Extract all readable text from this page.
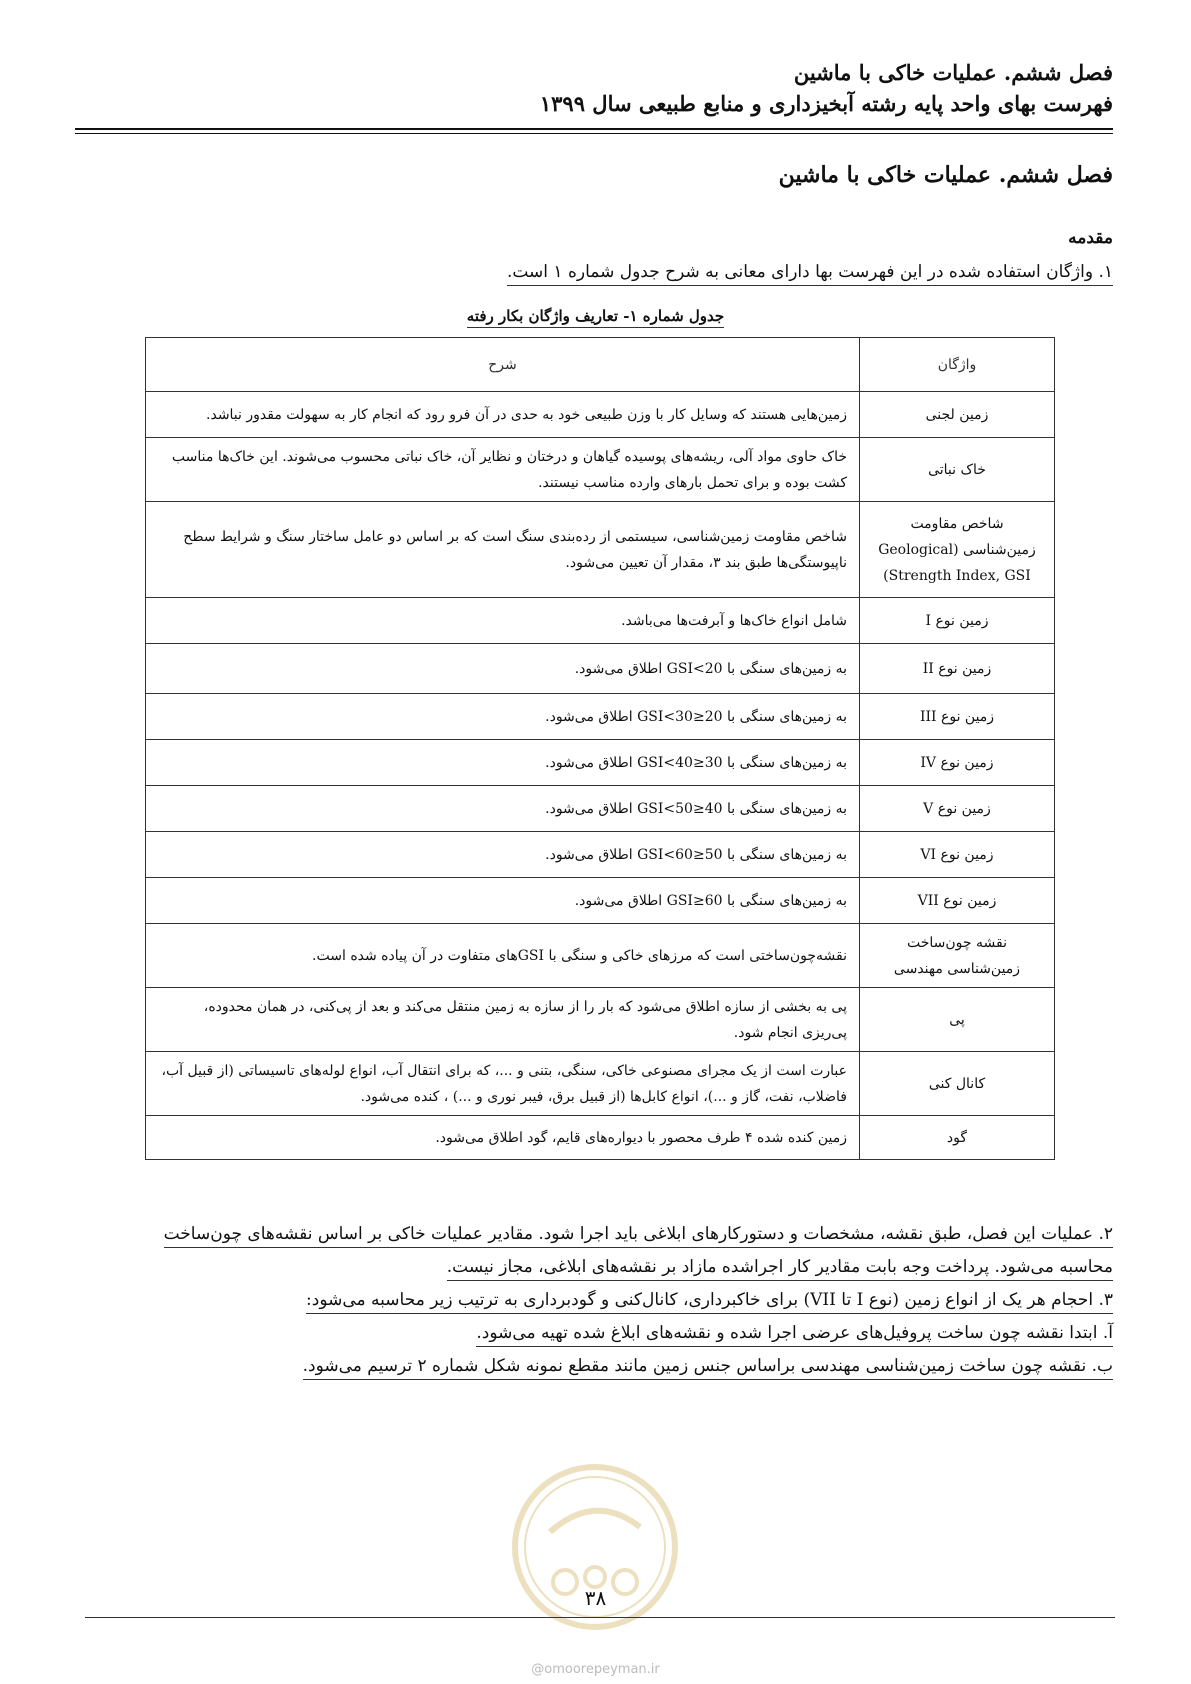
فصل ششم. عملیات خاکی با ماشین
فهرست بهای واحد پایه رشته آبخیزداری و منابع طبیعی سال ۱۳۹۹
فصل ششم. عملیات خاکی با ماشین
مقدمه
۱. واژگان استفاده شده در این فهرست بها دارای معانی به شرح جدول شماره ۱ است.
جدول شماره ۱- تعاریف واژگان بکار رفته
واژگان	شرح
زمین لجنی	زمین‌هایی هستند که وسایل کار با وزن طبیعی خود به حدی در آن فرو رود که انجام کار به سهولت مقدور نباشد.
خاک نباتی	خاک حاوی مواد آلی، ریشه‌های پوسیده گیاهان و درختان و نظایر آن، خاک نباتی محسوب می‌شوند. این خاک‌ها مناسب کشت بوده و برای تحمل بارهای وارده مناسب نیستند.
شاخص مقاومت زمین‌شناسی (Geological Strength Index, GSI)	شاخص مقاومت زمین‌شناسی، سیستمی از رده‌بندی سنگ است که بر اساس دو عامل ساختار سنگ و شرایط سطح ناپیوستگی‌ها طبق بند ۳، مقدار آن تعیین می‌شود.
زمین نوع I	شامل انواع خاک‌ها و آبرفت‌ها می‌باشد.
زمین نوع II	به زمین‌های سنگی با GSI<20 اطلاق می‌شود.
زمین نوع III	به زمین‌های سنگی با 20≤GSI<30 اطلاق می‌شود.
زمین نوع IV	به زمین‌های سنگی با 30≤GSI<40 اطلاق می‌شود.
زمین نوع V	به زمین‌های سنگی با 40≤GSI<50 اطلاق می‌شود.
زمین نوع VI	به زمین‌های سنگی با 50≤GSI<60 اطلاق می‌شود.
زمین نوع VII	به زمین‌های سنگی با 60≤GSI اطلاق می‌شود.
نقشه چون‌ساخت زمین‌شناسی مهندسی	نقشه‌چون‌ساختی است که مرزهای خاکی و سنگی با GSIهای متفاوت در آن پیاده شده است.
پی	پی به بخشی از سازه اطلاق می‌شود که بار را از سازه به زمین منتقل می‌کند و بعد از پی‌کنی، در همان محدوده، پی‌ریزی انجام شود.
کانال کنی	عبارت است از یک مجرای مصنوعی خاکی، سنگی، بتنی و ...، که برای انتقال آب، انواع لوله‌های تاسیساتی (از قبیل آب، فاضلاب، نفت، گاز و ...)، انواع کابل‌ها (از قبیل برق، فیبر نوری و ...) ، کنده می‌شود.
گود	زمین کنده شده ۴ طرف محصور با دیواره‌های قایم، گود اطلاق می‌شود.
۲. عملیات این فصل، طبق نقشه، مشخصات و دستورکارهای ابلاغی باید اجرا شود. مقادیر عملیات خاکی بر اساس نقشه‌های چون‌ساخت
محاسبه می‌شود. پرداخت وجه بابت مقادیر کار اجراشده مازاد بر نقشه‌های ابلاغی، مجاز نیست.
۳. احجام هر یک از انواع زمین (نوع I تا VII) برای خاکبرداری، کانال‌کنی و گودبرداری به ترتیب زیر محاسبه می‌شود:
آ. ابتدا نقشه چون ساخت پروفیل‌های عرضی اجرا شده و نقشه‌های ابلاغ شده تهیه می‌شود.
ب. نقشه چون ساخت زمین‌شناسی مهندسی براساس جنس زمین مانند مقطع نمونه شکل شماره ۲ ترسیم می‌شود.
۳۸
@omoorepeyman.ir
